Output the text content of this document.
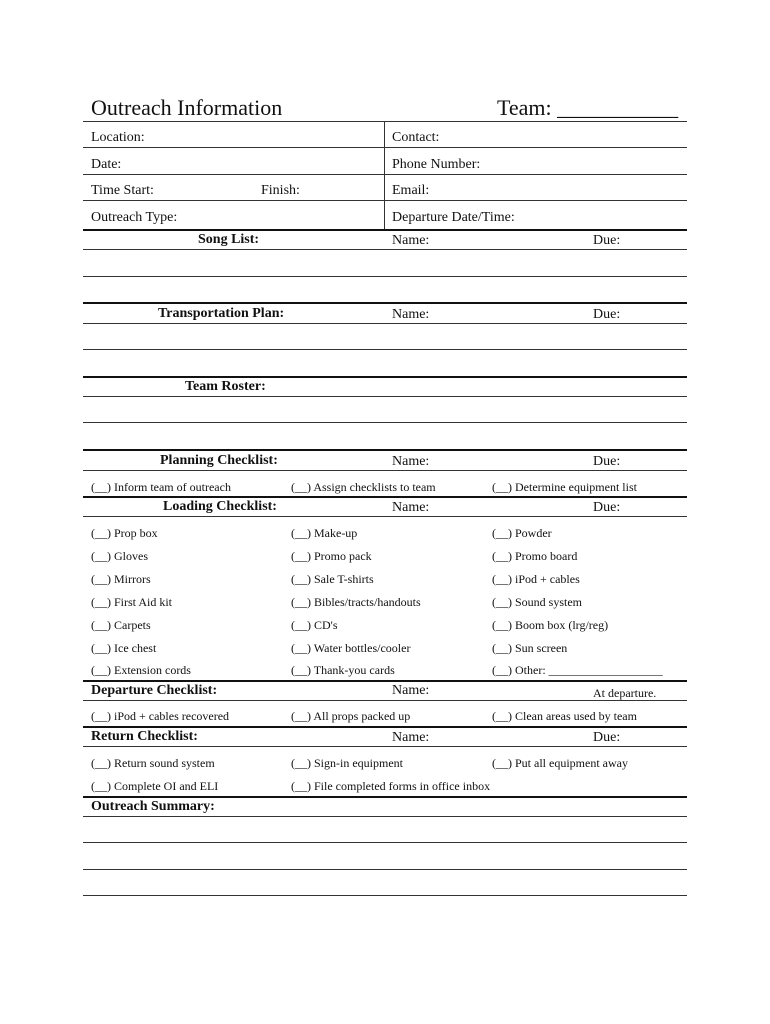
Outreach Information	Team: ___________
Location:	Contact:
Date:	Phone Number:
Time Start:	Finish:	Email:
Outreach Type:	Departure Date/Time:
Song List:	Name:	Due:
Transportation Plan:	Name:	Due:
Team Roster:
Planning Checklist:	Name:	Due:
(__) Inform team of outreach	(__) Assign checklists to team	(__) Determine equipment list
Loading Checklist:	Name:	Due:
(__) Prop box	(__) Make-up	(__) Powder
(__) Gloves	(__) Promo pack	(__) Promo board
(__) Mirrors	(__) Sale T-shirts	(__) iPod + cables
(__) First Aid kit	(__) Bibles/tracts/handouts	(__) Sound system
(__) Carpets	(__) CD's	(__) Boom box (lrg/reg)
(__) Ice chest	(__) Water bottles/cooler	(__) Sun screen
(__) Extension cords	(__) Thank-you cards	(__) Other: ___________________
Departure Checklist:	Name:	At departure.
(__) iPod + cables recovered	(__) All props packed up	(__) Clean areas used by team
Return Checklist:	Name:	Due:
(__) Return sound system	(__) Sign-in equipment	(__) Put all equipment away
(__) Complete OI and ELI	(__) File completed forms in office inbox
Outreach Summary:
